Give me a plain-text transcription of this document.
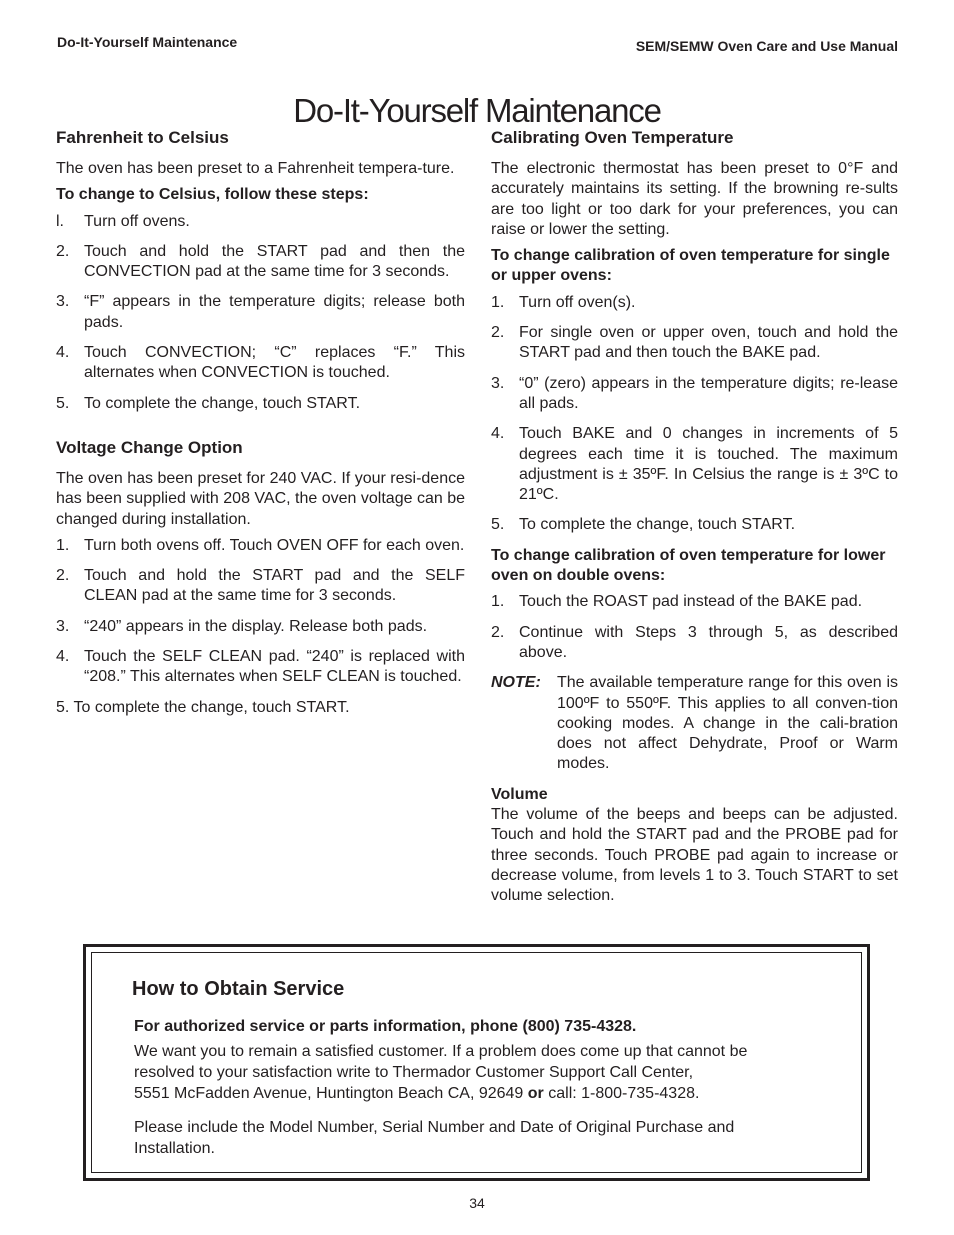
Do-It-Yourself Maintenance	SEM/SEMW Oven Care and Use Manual
Do-It-Yourself Maintenance
Fahrenheit to Celsius

The oven has been preset to a Fahrenheit tempera-ture.

To change to Celsius, follow these steps:

l. Turn off ovens.
2. Touch and hold the START pad and then the CONVECTION pad at the same time for 3 seconds.
3. “F” appears in the temperature digits; release both pads.
4. Touch CONVECTION; “C” replaces “F.” This alternates when CONVECTION is touched.
5. To complete the change, touch START.
Voltage Change Option

The oven has been preset for 240 VAC. If your resi-dence has been supplied with 208 VAC, the oven voltage can be changed during installation.

1. Turn both ovens off. Touch OVEN OFF for each oven.
2. Touch and hold the START pad and the SELF CLEAN pad at the same time for 3 seconds.
3. “240” appears in the display. Release both pads.
4. Touch the SELF CLEAN pad. “240” is replaced with “208.” This alternates when SELF CLEAN is touched.

5. To complete the change, touch START.

Calibrating Oven Temperature

The electronic thermostat has been preset to 0°F and accurately maintains its setting. If the browning re-sults are too light or too dark for your preferences, you can raise or lower the setting.

To change calibration of oven temperature for single or upper ovens:

1. Turn off oven(s).
2. For single oven or upper oven, touch and hold the START pad and then touch the BAKE pad.
3. “0” (zero) appears in the temperature digits; re-lease all pads.
4. Touch BAKE and 0 changes in increments of 5 degrees each time it is touched. The maximum adjustment is ± 35ºF. In Celsius the range is ± 3ºC to 21ºC.
5. To complete the change, touch START.

To change calibration of oven temperature for lower oven on double ovens:

1. Touch the ROAST pad instead of the BAKE pad.
2. Continue with Steps 3 through 5, as described above.
NOTE: The available temperature range for this oven is 100ºF to 550ºF. This applies to all conven-tion cooking modes. A change in the cali-bration does not affect Dehydrate, Proof or Warm modes.
Volume

The volume of the beeps and beeps can be adjusted. Touch and hold the START pad and the PROBE pad for three seconds. Touch PROBE pad again to increase or decrease volume, from levels 1 to 3. Touch START to set volume selection.

How to Obtain Service

For authorized service or parts information, phone (800) 735-4328.

We want you to remain a satisfied customer. If a problem does come up that cannot be resolved to your satisfaction write to Thermador Customer Support Call Center,
5551 McFadden Avenue, Huntington Beach CA, 92649 or call: 1-800-735-4328.

Please include the Model Number, Serial Number and Date of Original Purchase and Installation.

34
